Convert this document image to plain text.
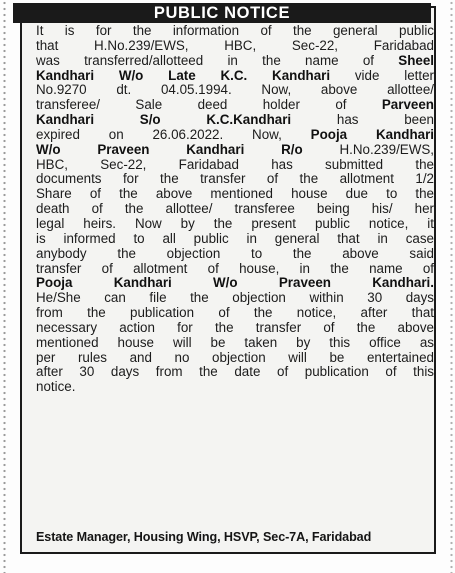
PUBLIC NOTICE
It is for the information of the general public
that H.No.239/EWS, HBC, Sec-22, Faridabad
was transferred/allotteed in the name of Sheel
Kandhari W/o Late K.C. Kandhari vide letter
No.9270 dt. 04.05.1994. Now, above allottee/
transferee/ Sale deed holder of Parveen
Kandhari S/o K.C.Kandhari has been
expired on 26.06.2022. Now, Pooja Kandhari
W/o Praveen Kandhari R/o H.No.239/EWS,
HBC, Sec-22, Faridabad has submitted the
documents for the transfer of the allotment 1/2
Share of the above mentioned house due to the
death of the allottee/ transferee being his/ her
legal heirs. Now by the present public notice, it
is informed to all public in general that in case
anybody the objection to the above said
transfer of allotment of house, in the name of
Pooja Kandhari W/o Praveen Kandhari.
He/She can file the objection within 30 days
from the publication of the notice, after that
necessary action for the transfer of the above
mentioned house will be taken by this office as
per rules and no objection will be entertained
after 30 days from the date of publication of this
notice.
Estate Manager, Housing Wing, HSVP, Sec-7A, Faridabad
